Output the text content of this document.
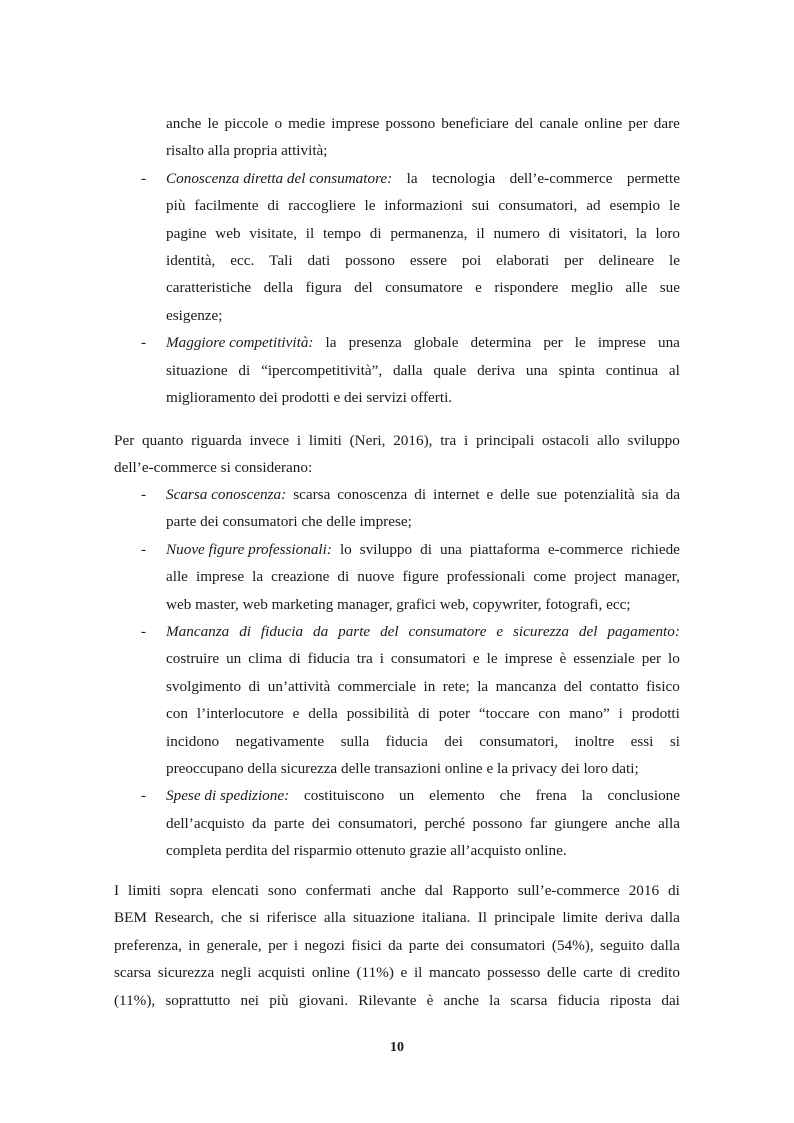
anche le piccole o medie imprese possono beneficiare del canale online per dare
risalto alla propria attività;
- Conoscenza diretta del consumatore: la tecnologia dell’e-commerce permette
più facilmente di raccogliere le informazioni sui consumatori, ad esempio le
pagine web visitate, il tempo di permanenza, il numero di visitatori, la loro
identità, ecc. Tali dati possono essere poi elaborati per delineare le
caratteristiche della figura del consumatore e rispondere meglio alle sue
esigenze;
- Maggiore competitività: la presenza globale determina per le imprese una
situazione di “ipercompetitività”, dalla quale deriva una spinta continua al
miglioramento dei prodotti e dei servizi offerti.
Per quanto riguarda invece i limiti (Neri, 2016), tra i principali ostacoli allo sviluppo
dell’e-commerce si considerano:
- Scarsa conoscenza: scarsa conoscenza di internet e delle sue potenzialità sia da
parte dei consumatori che delle imprese;
- Nuove figure professionali: lo sviluppo di una piattaforma e-commerce richiede
alle imprese la creazione di nuove figure professionali come project manager,
web master, web marketing manager, grafici web, copywriter, fotografi, ecc;
- Mancanza di fiducia da parte del consumatore e sicurezza del pagamento:
costruire un clima di fiducia tra i consumatori e le imprese è essenziale per lo
svolgimento di un’attività commerciale in rete; la mancanza del contatto fisico
con l’interlocutore e della possibilità di poter “toccare con mano” i prodotti
incidono negativamente sulla fiducia dei consumatori, inoltre essi si
preoccupano della sicurezza delle transazioni online e la privacy dei loro dati;
- Spese di spedizione: costituiscono un elemento che frena la conclusione
dell’acquisto da parte dei consumatori, perché possono far giungere anche alla
completa perdita del risparmio ottenuto grazie all’acquisto online.
I limiti sopra elencati sono confermati anche dal Rapporto sull’e-commerce 2016 di
BEM Research, che si riferisce alla situazione italiana. Il principale limite deriva dalla
preferenza, in generale, per i negozi fisici da parte dei consumatori (54%), seguito dalla
scarsa sicurezza negli acquisti online (11%) e il mancato possesso delle carte di credito
(11%), soprattutto nei più giovani. Rilevante è anche la scarsa fiducia riposta dai
10
